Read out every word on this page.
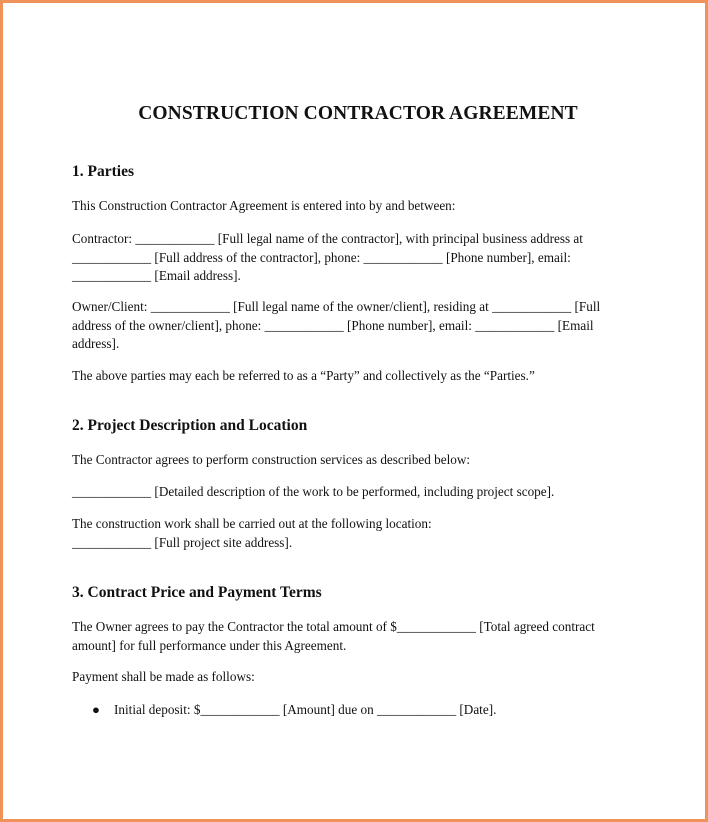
CONSTRUCTION CONTRACTOR AGREEMENT
1. Parties

This Construction Contractor Agreement is entered into by and between:

Contractor: ____________ [Full legal name of the contractor], with principal business address at ____________ [Full address of the contractor], phone: ____________ [Phone number], email: ____________ [Email address].

Owner/Client: ____________ [Full legal name of the owner/client], residing at ____________ [Full address of the owner/client], phone: ____________ [Phone number], email: ____________ [Email address].

The above parties may each be referred to as a “Party” and collectively as the “Parties.”

2. Project Description and Location

The Contractor agrees to perform construction services as described below:

____________ [Detailed description of the work to be performed, including project scope].

The construction work shall be carried out at the following location: ____________ [Full project site address].

3. Contract Price and Payment Terms

The Owner agrees to pay the Contractor the total amount of $____________ [Total agreed contract amount] for full performance under this Agreement.

Payment shall be made as follows:

● Initial deposit: $____________ [Amount] due on ____________ [Date].
